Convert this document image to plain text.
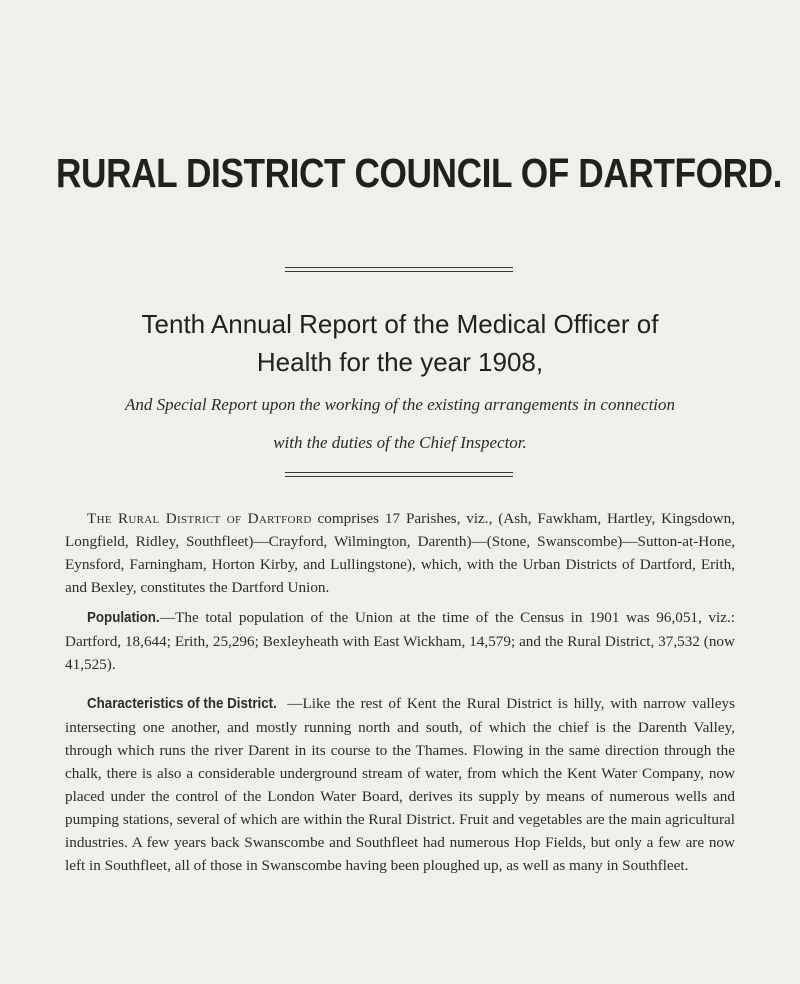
RURAL DISTRICT COUNCIL OF DARTFORD.
Tenth Annual Report of the Medical Officer of
Health for the year 1908,
And Special Report upon the working of the existing arrangements in connection
with the duties of the Chief Inspector.
The Rural District of Dartford comprises 17 Parishes, viz., (Ash, Fawkham, Hartley, Kingsdown, Longfield, Ridley, Southfleet)—Crayford, Wilmington, Darenth)—(Stone, Swanscombe)—Sutton-at-Hone, Eynsford, Farningham, Horton Kirby, and Lullingstone), which, with the Urban Districts of Dartford, Erith, and Bexley, constitutes the Dartford Union.
Population.—The total population of the Union at the time of the Census in 1901 was 96,051, viz.: Dartford, 18,644; Erith, 25,296; Bexleyheath with East Wickham, 14,579; and the Rural District, 37,532 (now 41,525).
Characteristics of the District. —Like the rest of Kent the Rural District is hilly, with narrow valleys intersecting one another, and mostly running north and south, of which the chief is the Darenth Valley, through which runs the river Darent in its course to the Thames. Flowing in the same direction through the chalk, there is also a considerable underground stream of water, from which the Kent Water Company, now placed under the control of the London Water Board, derives its supply by means of numerous wells and pumping stations, several of which are within the Rural District. Fruit and vegetables are the main agricultural industries. A few years back Swanscombe and Southfleet had numerous Hop Fields, but only a few are now left in Southfleet, all of those in Swanscombe having been ploughed up, as well as many in Southfleet.
